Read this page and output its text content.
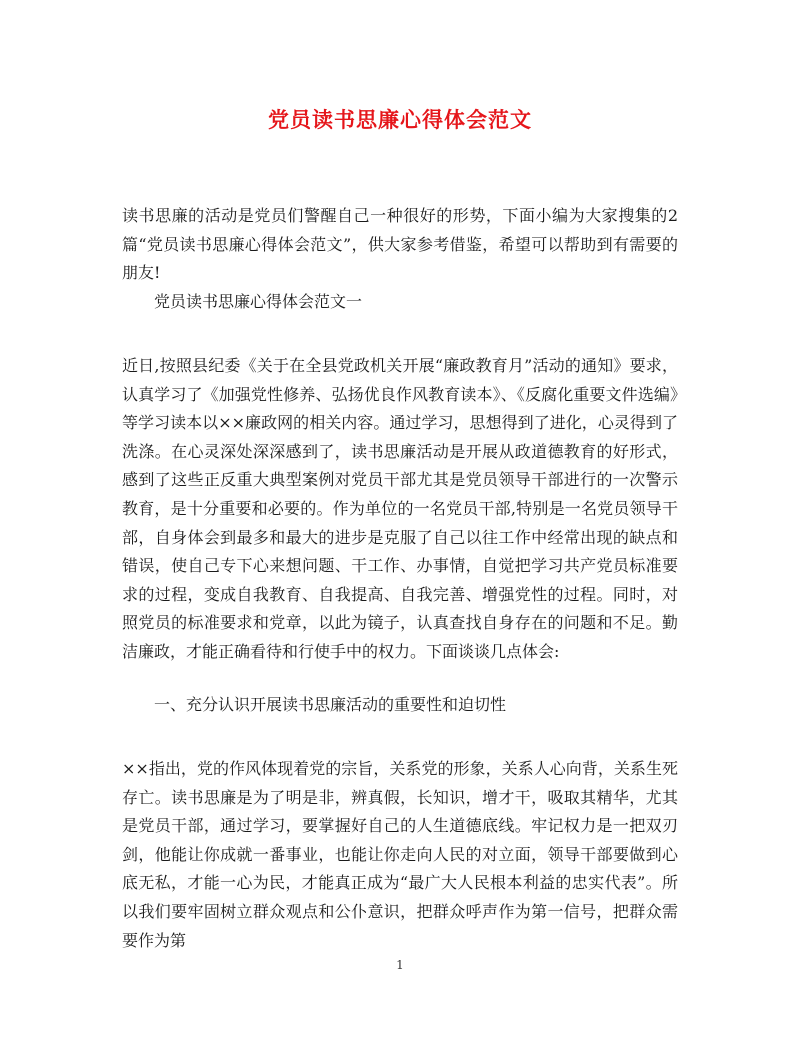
党员读书思廉心得体会范文
读书思廉的活动是党员们警醒自己一种很好的形势，下面小编为大家搜集的2篇“党员读书思廉心得体会范文”，供大家参考借鉴，希望可以帮助到有需要的朋友!
党员读书思廉心得体会范文一
近日,按照县纪委《关于在全县党政机关开展“廉政教育月”活动的通知》要求，认真学习了《加强党性修养、弘扬优良作风教育读本》、《反腐化重要文件选编》等学习读本以××廉政网的相关内容。通过学习，思想得到了进化，心灵得到了洗涤。在心灵深处深深感到了，读书思廉活动是开展从政道德教育的好形式，感到了这些正反重大典型案例对党员干部尤其是党员领导干部进行的一次警示教育，是十分重要和必要的。作为单位的一名党员干部,特别是一名党员领导干部，自身体会到最多和最大的进步是克服了自己以往工作中经常出现的缺点和错误，使自己专下心来想问题、干工作、办事情，自觉把学习共产党员标准要求的过程，变成自我教育、自我提高、自我完善、增强党性的过程。同时，对照党员的标准要求和党章，以此为镜子，认真查找自身存在的问题和不足。勤洁廉政，才能正确看待和行使手中的权力。下面谈谈几点体会:
一、充分认识开展读书思廉活动的重要性和迫切性
××指出，党的作风体现着党的宗旨，关系党的形象，关系人心向背，关系生死存亡。读书思廉是为了明是非，辨真假，长知识，增才干，吸取其精华，尤其是党员干部，通过学习，要掌握好自己的人生道德底线。牢记权力是一把双刃剑，他能让你成就一番事业，也能让你走向人民的对立面，领导干部要做到心底无私，才能一心为民，才能真正成为“最广大人民根本利益的忠实代表”。所以我们要牢固树立群众观点和公仆意识，把群众呼声作为第一信号，把群众需要作为第
1
